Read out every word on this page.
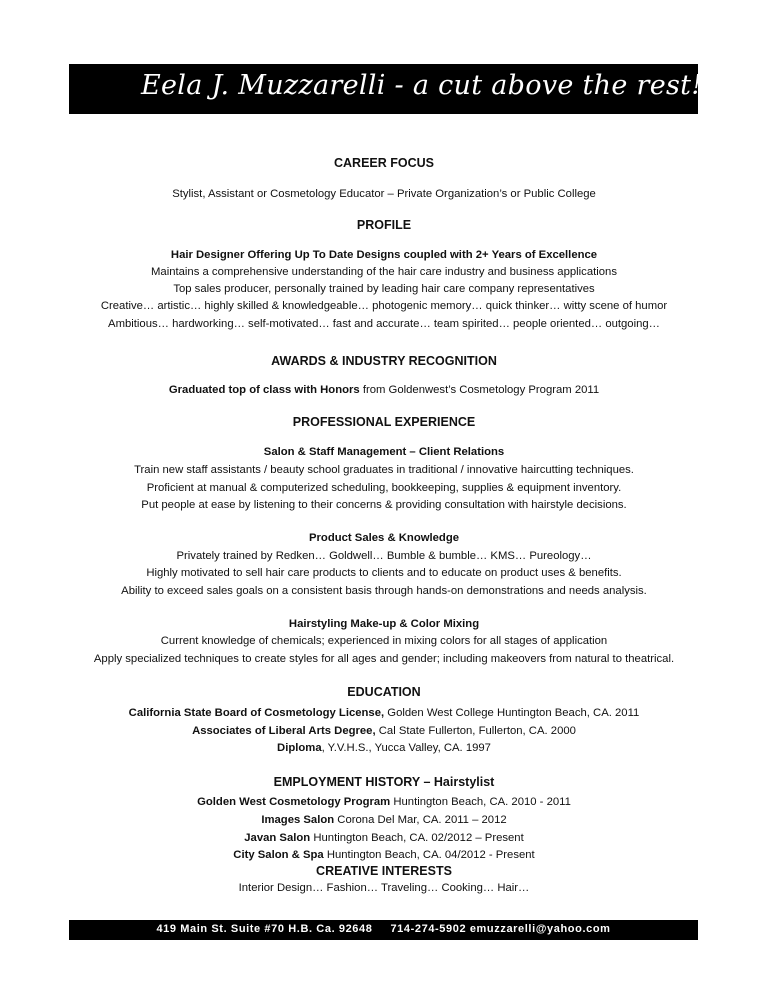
Eela J. Muzzarelli - a cut above the rest!
CAREER FOCUS
Stylist, Assistant or Cosmetology Educator – Private Organization’s or Public College
PROFILE
Hair Designer Offering Up To Date Designs coupled with 2+ Years of Excellence
Maintains a comprehensive understanding of the hair care industry and business applications
Top sales producer, personally trained by leading hair care company representatives
Creative… artistic… highly skilled & knowledgeable… photogenic memory… quick thinker… witty scene of humor
Ambitious… hardworking… self-motivated… fast and accurate… team spirited… people oriented… outgoing…
AWARDS & INDUSTRY RECOGNITION
Graduated top of class with Honors from Goldenwest’s Cosmetology Program 2011
PROFESSIONAL EXPERIENCE
Salon & Staff Management – Client Relations
Train new staff assistants / beauty school graduates in traditional / innovative haircutting techniques.
Proficient at manual & computerized scheduling, bookkeeping, supplies & equipment inventory.
Put people at ease by listening to their concerns & providing consultation with hairstyle decisions.
Product Sales & Knowledge
Privately trained by Redken… Goldwell… Bumble & bumble… KMS… Pureology…
Highly motivated to sell hair care products to clients and to educate on product uses & benefits.
Ability to exceed sales goals on a consistent basis through hands-on demonstrations and needs analysis.
Hairstyling Make-up & Color Mixing
Current knowledge of chemicals; experienced in mixing colors for all stages of application
Apply specialized techniques to create styles for all ages and gender; including makeovers from natural to theatrical.
EDUCATION
California State Board of Cosmetology License, Golden West College Huntington Beach, CA. 2011
Associates of Liberal Arts Degree, Cal State Fullerton, Fullerton, CA. 2000
Diploma, Y.V.H.S., Yucca Valley, CA. 1997
EMPLOYMENT HISTORY – Hairstylist
Golden West Cosmetology Program Huntington Beach, CA. 2010 - 2011
Images Salon Corona Del Mar, CA. 2011 – 2012
Javan Salon Huntington Beach, CA. 02/2012 – Present
City Salon & Spa Huntington Beach, CA. 04/2012 - Present
CREATIVE INTERESTS
Interior Design… Fashion… Traveling… Cooking… Hair…
419 Main St. Suite #70 H.B. Ca. 92648 714-274-5902 emuzzarelli@yahoo.com
